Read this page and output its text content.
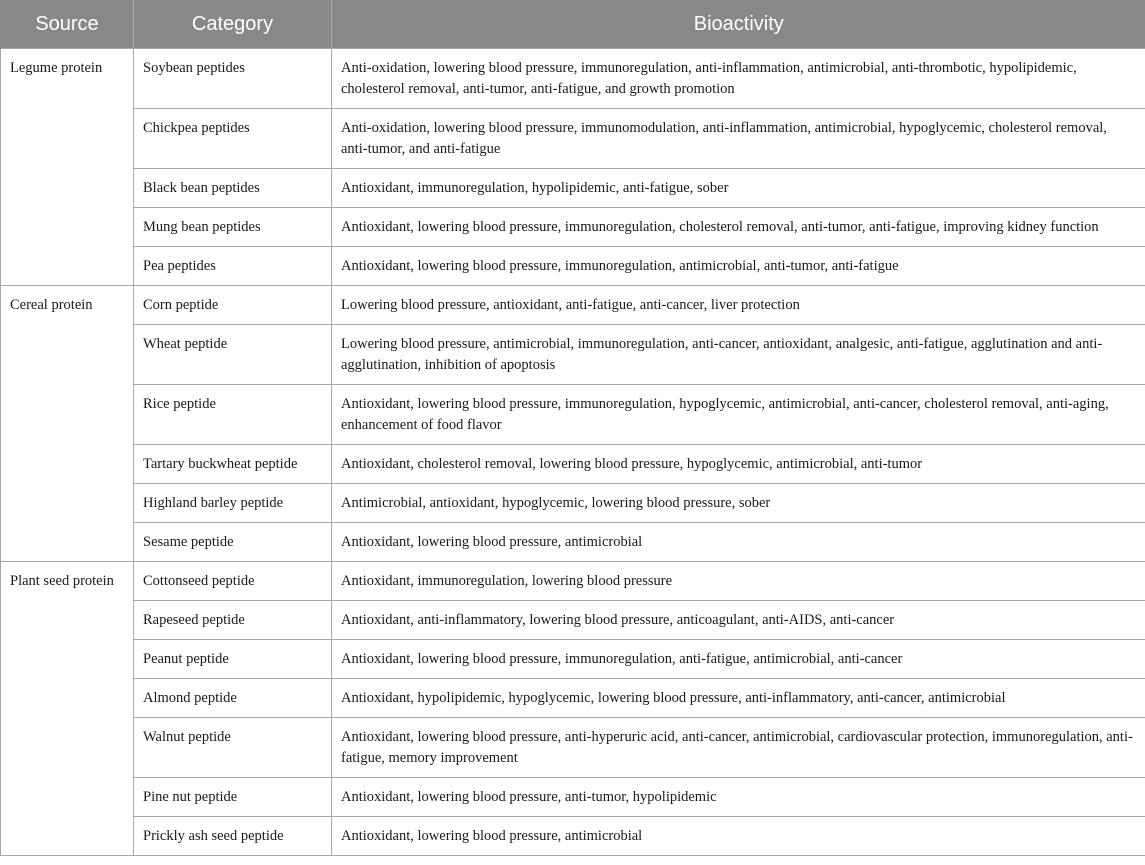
Source	Category	Bioactivity
Legume protein	Soybean peptides	Anti-oxidation, lowering blood pressure, immunoregulation, anti-inflammation, antimicrobial, anti-thrombotic, hypolipidemic, cholesterol removal, anti-tumor, anti-fatigue, and growth promotion
	Chickpea peptides	Anti-oxidation, lowering blood pressure, immunomodulation, anti-inflammation, antimicrobial, hypoglycemic, cholesterol removal, anti-tumor, and anti-fatigue
	Black bean peptides	Antioxidant, immunoregulation, hypolipidemic, anti-fatigue, sober
	Mung bean peptides	Antioxidant, lowering blood pressure, immunoregulation, cholesterol removal, anti-tumor, anti-fatigue, improving kidney function
	Pea peptides	Antioxidant, lowering blood pressure, immunoregulation, antimicrobial, anti-tumor, anti-fatigue
Cereal protein	Corn peptide	Lowering blood pressure, antioxidant, anti-fatigue, anti-cancer, liver protection
	Wheat peptide	Lowering blood pressure, antimicrobial, immunoregulation, anti-cancer, antioxidant, analgesic, anti-fatigue, agglutination and anti-agglutination, inhibition of apoptosis
	Rice peptide	Antioxidant, lowering blood pressure, immunoregulation, hypoglycemic, antimicrobial, anti-cancer, cholesterol removal, anti-aging, enhancement of food flavor
	Tartary buckwheat peptide	Antioxidant, cholesterol removal, lowering blood pressure, hypoglycemic, antimicrobial, anti-tumor
	Highland barley peptide	Antimicrobial, antioxidant, hypoglycemic, lowering blood pressure, sober
	Sesame peptide	Antioxidant, lowering blood pressure, antimicrobial
Plant seed protein	Cottonseed peptide	Antioxidant, immunoregulation, lowering blood pressure
	Rapeseed peptide	Antioxidant, anti-inflammatory, lowering blood pressure, anticoagulant, anti-AIDS, anti-cancer
	Peanut peptide	Antioxidant, lowering blood pressure, immunoregulation, anti-fatigue, antimicrobial, anti-cancer
	Almond peptide	Antioxidant, hypolipidemic, hypoglycemic, lowering blood pressure, anti-inflammatory, anti-cancer, antimicrobial
	Walnut peptide	Antioxidant, lowering blood pressure, anti-hyperuric acid, anti-cancer, antimicrobial, cardiovascular protection, immunoregulation, anti-fatigue, memory improvement
	Pine nut peptide	Antioxidant, lowering blood pressure, anti-tumor, hypolipidemic
	Prickly ash seed peptide	Antioxidant, lowering blood pressure, antimicrobial
